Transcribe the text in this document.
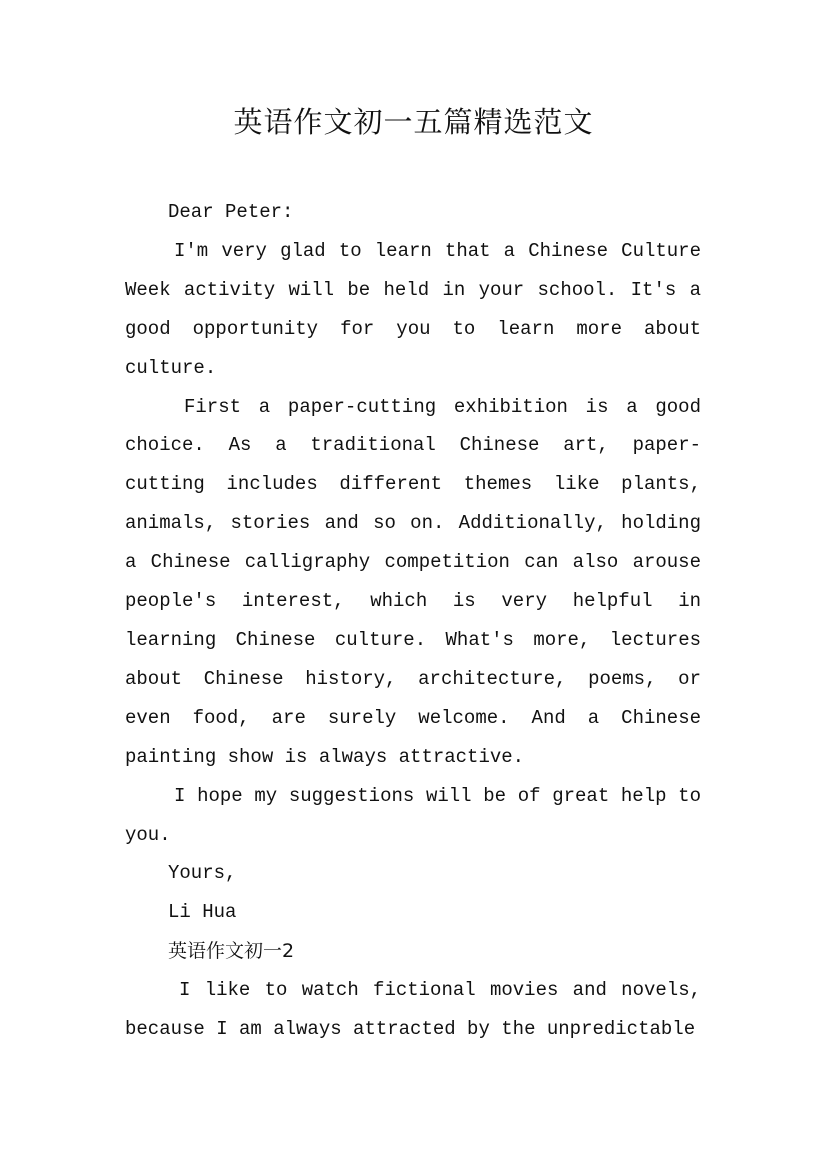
英语作文初一五篇精选范文

Dear Peter:

I'm very glad to learn that a Chinese Culture Week activity will be held in your school. It's a good opportunity for you to learn more about culture.

First a paper-cutting exhibition is a good choice. As a traditional Chinese art, paper-cutting includes different themes like plants, animals, stories and so on. Additionally, holding a Chinese calligraphy competition can also arouse people's interest, which is very helpful in learning Chinese culture. What's more, lectures about Chinese history, architecture, poems, or even food, are surely welcome. And a Chinese painting show is always attractive.

I hope my suggestions will be of great help to you.

Yours,

Li Hua

英语作文初一2

I like to watch fictional movies and novels, because I am always attracted by the unpredictable
